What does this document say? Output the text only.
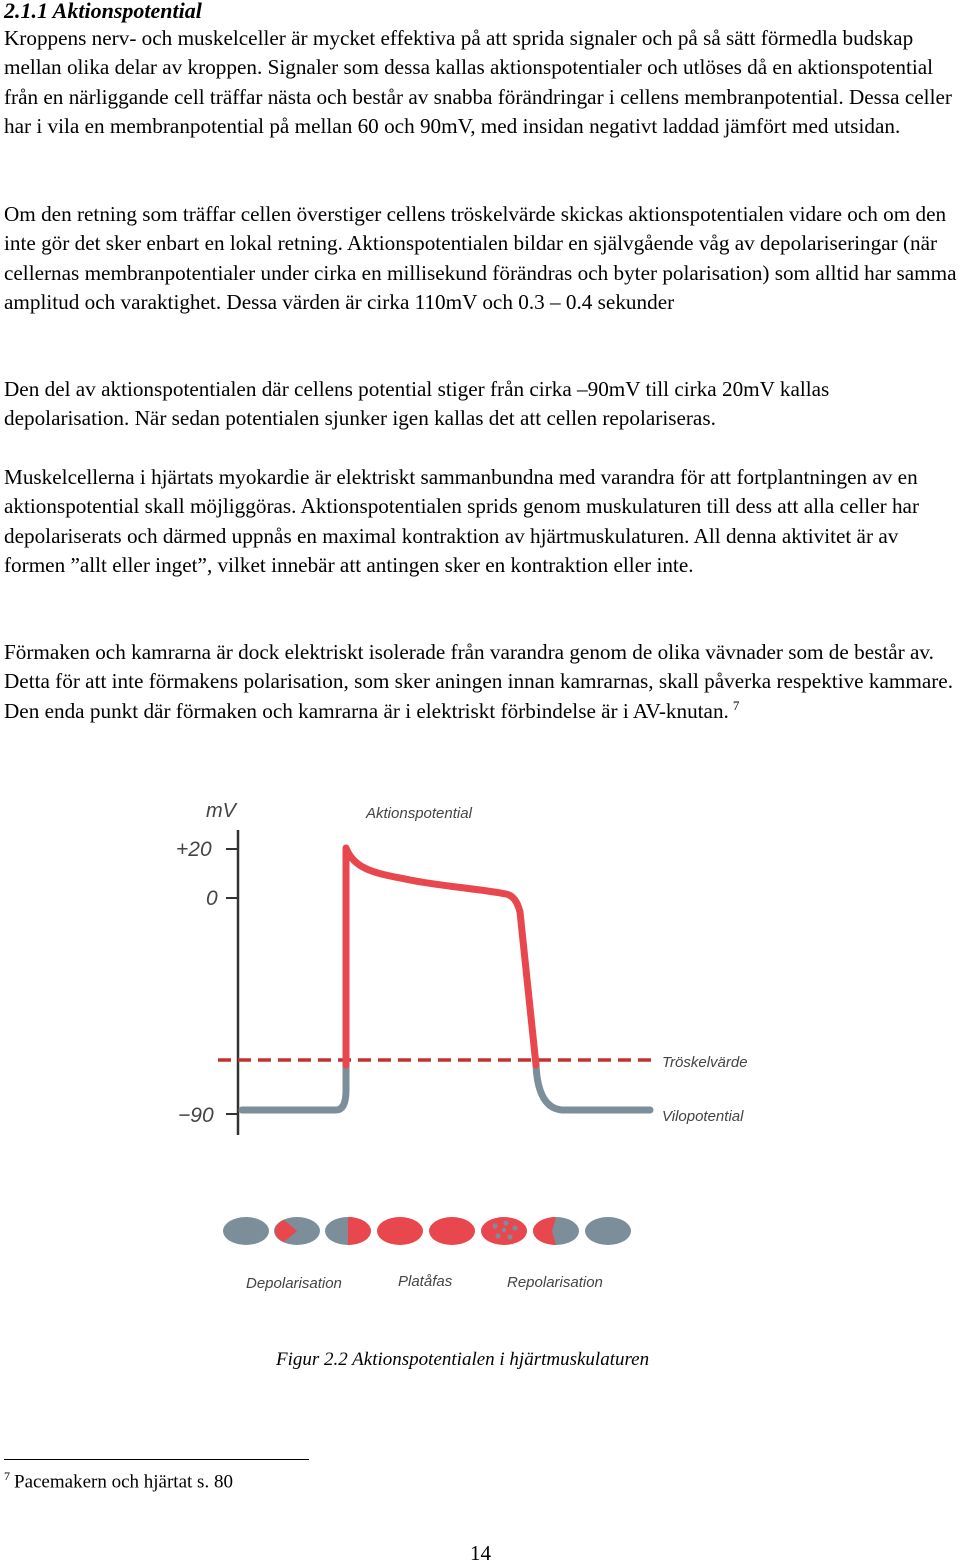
2.1.1 Aktionspotential

Kroppens nerv- och muskelceller är mycket effektiva på att sprida signaler och på så sätt förmedla budskap mellan olika delar av kroppen. Signaler som dessa kallas aktionspotentialer och utlöses då en aktionspotential från en närliggande cell träffar nästa och består av snabba förändringar i cellens membranpotential. Dessa celler har i vila en membranpotential på mellan 60 och 90mV, med insidan negativt laddad jämfört med utsidan.

Om den retning som träffar cellen överstiger cellens tröskelvärde skickas aktionspotentialen vidare och om den inte gör det sker enbart en lokal retning. Aktionspotentialen bildar en självgående våg av depolariseringar (när cellernas membranpotentialer under cirka en millisekund förändras och byter polarisation) som alltid har samma amplitud och varaktighet. Dessa värden är cirka 110mV och 0.3 – 0.4 sekunder

Den del av aktionspotentialen där cellens potential stiger från cirka –90mV till cirka 20mV kallas depolarisation. När sedan potentialen sjunker igen kallas det att cellen repolariseras.

Muskelcellerna i hjärtats myokardie är elektriskt sammanbundna med varandra för att fortplantningen av en aktionspotential skall möjliggöras. Aktionspotentialen sprids genom muskulaturen till dess att alla celler har depolariserats och därmed uppnås en maximal kontraktion av hjärtmuskulaturen. All denna aktivitet är av formen ”allt eller inget”, vilket innebär att antingen sker en kontraktion eller inte.

Förmaken och kamrarna är dock elektriskt isolerade från varandra genom de olika vävnader som de består av. Detta för att inte förmakens polarisation, som sker aningen innan kamrarnas, skall påverka respektive kammare. Den enda punkt där förmaken och kamrarna är i elektriskt förbindelse är i AV-knutan. $^7$

mV	Aktionspotential
+20
0
−90
Tröskelvärde
Vilopotential
Depolarisation	Platåfas	Repolarisation
Figur 2.2 Aktionspotentialen i hjärtmuskulaturen
$^7$ Pacemakern och hjärtat s. 80
14
